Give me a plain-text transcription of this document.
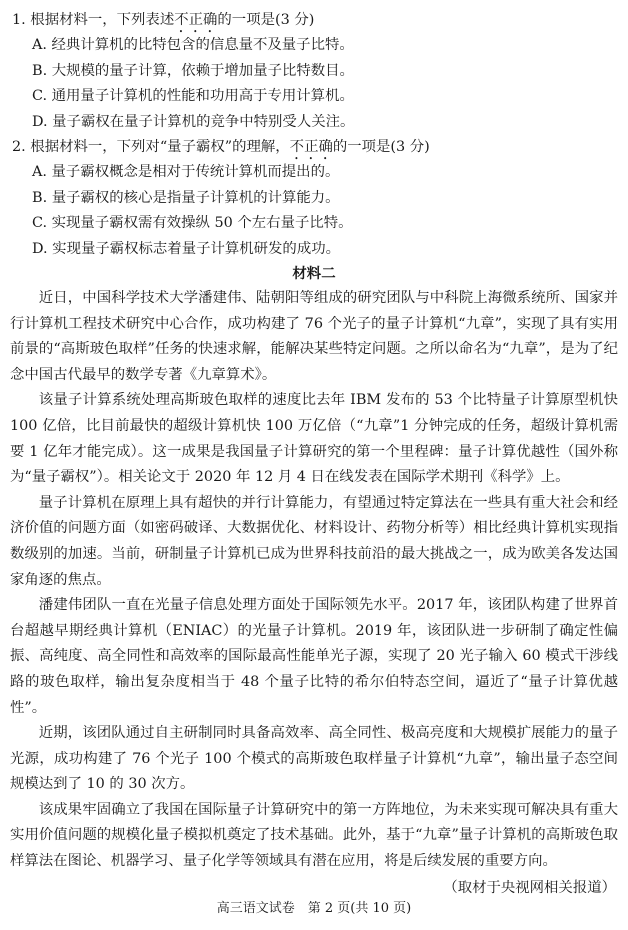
1. 根据材料一，下列表述不正确的一项是(3 分)
A. 经典计算机的比特包含的信息量不及量子比特。
B. 大规模的量子计算，依赖于增加量子比特数目。
C. 通用量子计算机的性能和功用高于专用计算机。
D. 量子霸权在量子计算机的竞争中特别受人关注。
2. 根据材料一，下列对“量子霸权”的理解，不正确的一项是(3 分)
A. 量子霸权概念是相对于传统计算机而提出的。
B. 量子霸权的核心是指量子计算机的计算能力。
C. 实现量子霸权需有效操纵 50 个左右量子比特。
D. 实现量子霸权标志着量子计算机研发的成功。
材料二

近日，中国科学技术大学潘建伟、陆朝阳等组成的研究团队与中科院上海微系统所、国家并行计算机工程技术研究中心合作，成功构建了 76 个光子的量子计算机“九章”，实现了具有实用前景的“高斯玻色取样”任务的快速求解，能解决某些特定问题。之所以命名为“九章”，是为了纪念中国古代最早的数学专著《九章算术》。

该量子计算系统处理高斯玻色取样的速度比去年 IBM 发布的 53 个比特量子计算原型机快 100 亿倍，比目前最快的超级计算机快 100 万亿倍（“九章”1 分钟完成的任务，超级计算机需要 1 亿年才能完成）。这一成果是我国量子计算研究的第一个里程碑：量子计算优越性（国外称为“量子霸权”）。相关论文于 2020 年 12 月 4 日在线发表在国际学术期刊《科学》上。

量子计算机在原理上具有超快的并行计算能力，有望通过特定算法在一些具有重大社会和经济价值的问题方面（如密码破译、大数据优化、材料设计、药物分析等）相比经典计算机实现指数级别的加速。当前，研制量子计算机已成为世界科技前沿的最大挑战之一，成为欧美各发达国家角逐的焦点。

潘建伟团队一直在光量子信息处理方面处于国际领先水平。2017 年，该团队构建了世界首台超越早期经典计算机（ENIAC）的光量子计算机。2019 年，该团队进一步研制了确定性偏振、高纯度、高全同性和高效率的国际最高性能单光子源，实现了 20 光子输入 60 模式干涉线路的玻色取样，输出复杂度相当于 48 个量子比特的希尔伯特态空间，逼近了“量子计算优越性”。

近期，该团队通过自主研制同时具备高效率、高全同性、极高亮度和大规模扩展能力的量子光源，成功构建了 76 个光子 100 个模式的高斯玻色取样量子计算机“九章”，输出量子态空间规模达到了 10 的 30 次方。

该成果牢固确立了我国在国际量子计算研究中的第一方阵地位，为未来实现可解决具有重大实用价值问题的规模化量子模拟机奠定了技术基础。此外，基于“九章”量子计算机的高斯玻色取样算法在图论、机器学习、量子化学等领域具有潜在应用，将是后续发展的重要方向。

（取材于央视网相关报道）
高三语文试卷　第 2 页(共 10 页)
